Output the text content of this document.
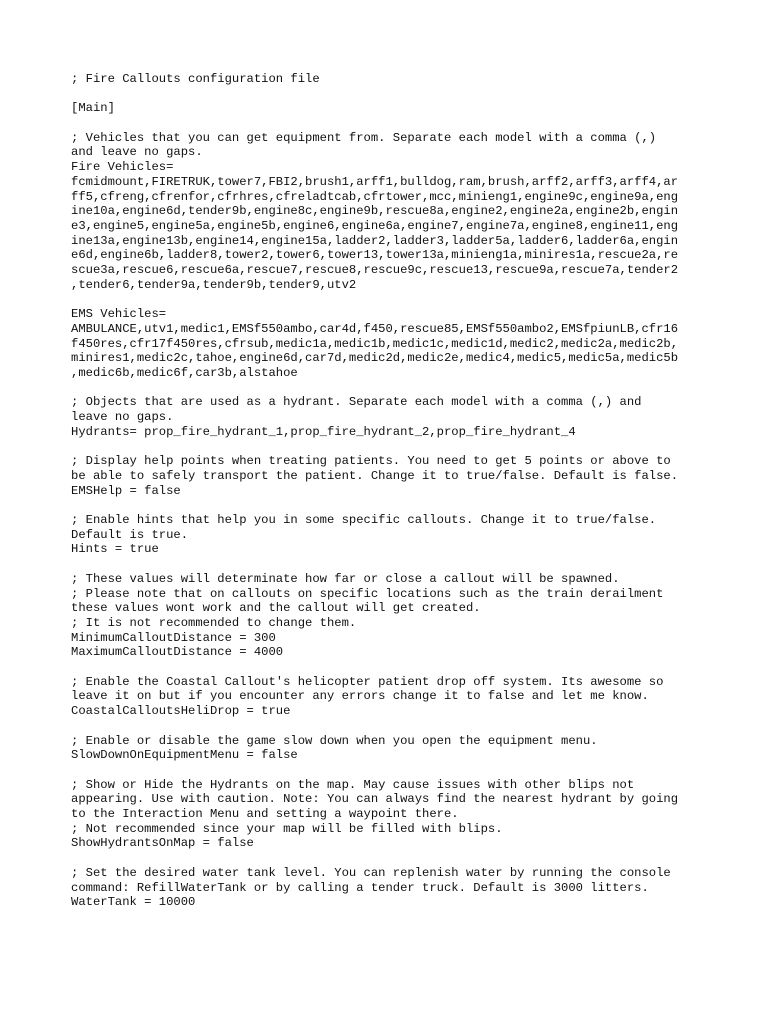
; Fire Callouts configuration file
[Main]
; Vehicles that you can get equipment from. Separate each model with a comma (,)
and leave no gaps.
Fire Vehicles=
fcmidmount,FIRETRUK,tower7,FBI2,brush1,arff1,bulldog,ram,brush,arff2,arff3,arff4,ar
ff5,cfreng,cfrenfor,cfrhres,cfreladtcab,cfrtower,mcc,minieng1,engine9c,engine9a,eng
ine10a,engine6d,tender9b,engine8c,engine9b,rescue8a,engine2,engine2a,engine2b,engin
e3,engine5,engine5a,engine5b,engine6,engine6a,engine7,engine7a,engine8,engine11,eng
ine13a,engine13b,engine14,engine15a,ladder2,ladder3,ladder5a,ladder6,ladder6a,engin
e6d,engine6b,ladder8,tower2,tower6,tower13,tower13a,minieng1a,minires1a,rescue2a,re
scue3a,rescue6,rescue6a,rescue7,rescue8,rescue9c,rescue13,rescue9a,rescue7a,tender2
,tender6,tender9a,tender9b,tender9,utv2
EMS Vehicles=
AMBULANCE,utv1,medic1,EMSf550ambo,car4d,f450,rescue85,EMSf550ambo2,EMSfpiunLB,cfr16
f450res,cfr17f450res,cfrsub,medic1a,medic1b,medic1c,medic1d,medic2,medic2a,medic2b,
minires1,medic2c,tahoe,engine6d,car7d,medic2d,medic2e,medic4,medic5,medic5a,medic5b
,medic6b,medic6f,car3b,alstahoe
; Objects that are used as a hydrant. Separate each model with a comma (,) and
leave no gaps.
Hydrants= prop_fire_hydrant_1,prop_fire_hydrant_2,prop_fire_hydrant_4
; Display help points when treating patients. You need to get 5 points or above to
be able to safely transport the patient. Change it to true/false. Default is false.
EMSHelp = false
; Enable hints that help you in some specific callouts. Change it to true/false.
Default is true.
Hints = true
; These values will determinate how far or close a callout will be spawned.
; Please note that on callouts on specific locations such as the train derailment
these values wont work and the callout will get created.
; It is not recommended to change them.
MinimumCalloutDistance = 300
MaximumCalloutDistance = 4000
; Enable the Coastal Callout's helicopter patient drop off system. Its awesome so
leave it on but if you encounter any errors change it to false and let me know.
CoastalCalloutsHeliDrop = true
; Enable or disable the game slow down when you open the equipment menu.
SlowDownOnEquipmentMenu = false
; Show or Hide the Hydrants on the map. May cause issues with other blips not
appearing. Use with caution. Note: You can always find the nearest hydrant by going
to the Interaction Menu and setting a waypoint there.
; Not recommended since your map will be filled with blips.
ShowHydrantsOnMap = false
; Set the desired water tank level. You can replenish water by running the console
command: RefillWaterTank or by calling a tender truck. Default is 3000 litters.
WaterTank = 10000
